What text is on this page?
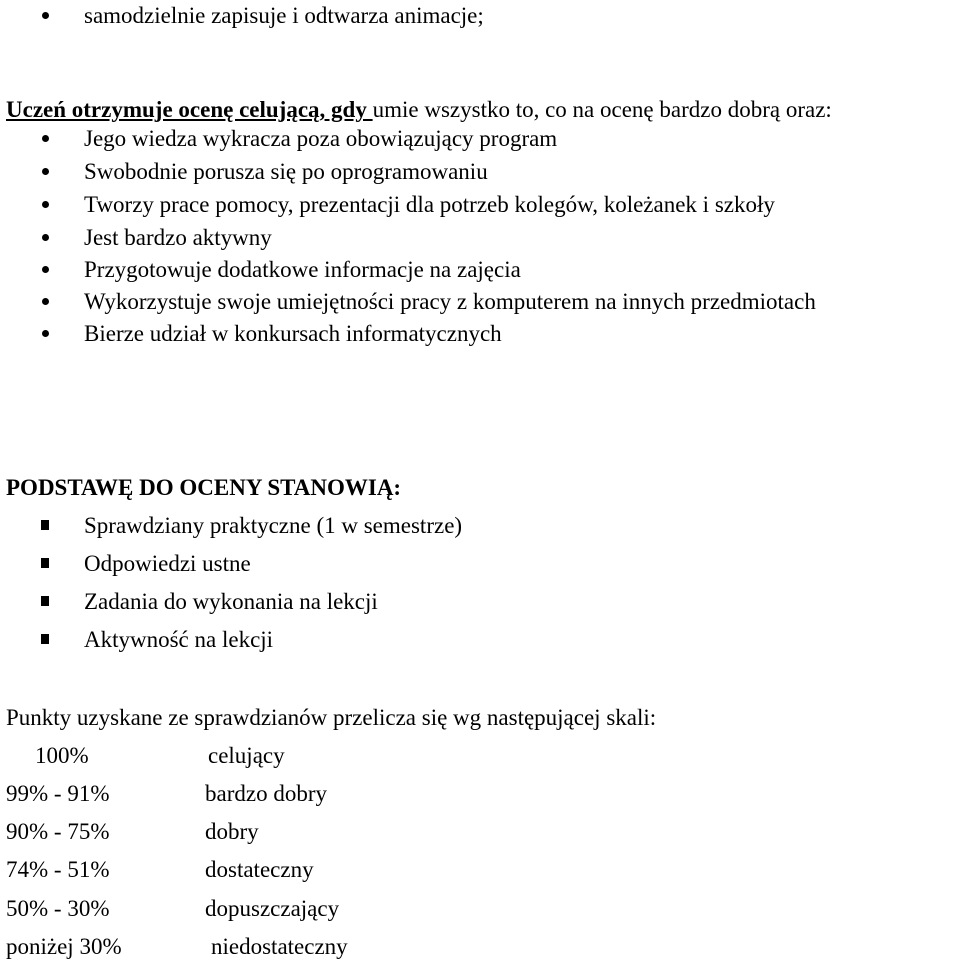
samodzielnie zapisuje i odtwarza animacje;
Uczeń otrzymuje ocenę celującą, gdy umie wszystko to, co na ocenę bardzo dobrą oraz:
Jego wiedza wykracza poza obowiązujący program
Swobodnie porusza się po oprogramowaniu
Tworzy prace pomocy, prezentacji dla potrzeb kolegów, koleżanek i szkoły
Jest bardzo aktywny
Przygotowuje dodatkowe informacje na zajęcia
Wykorzystuje swoje umiejętności pracy z komputerem na innych przedmiotach
Bierze udział w konkursach informatycznych
PODSTAWĘ DO OCENY STANOWIĄ:
Sprawdziany praktyczne (1 w semestrze)
Odpowiedzi ustne
Zadania do wykonania na lekcji
Aktywność na lekcji
Punkty uzyskane ze sprawdzianów przelicza się wg następującej skali:
100%	celujący
99% - 91%	bardzo dobry
90% - 75%	dobry
74% - 51%	dostateczny
50% - 30%	dopuszczający
poniżej 30%	niedostateczny
